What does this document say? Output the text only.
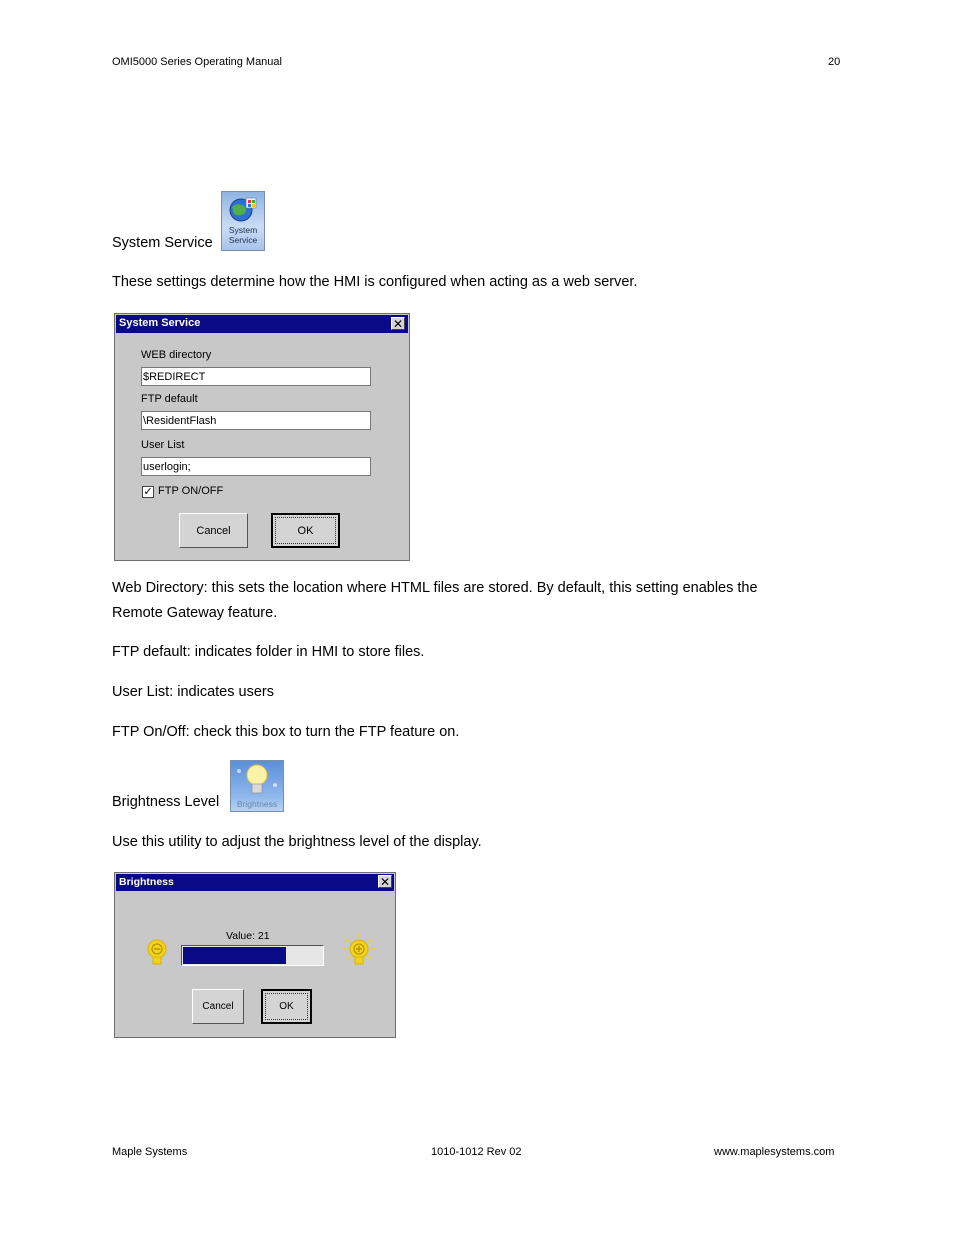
OMI5000 Series Operating Manual	20
System Service
System
Service
These settings determine how the HMI is configured when acting as a web server.
System Service	✕
WEB directory
$REDIRECT
FTP default
\ResidentFlash
User List
userlogin;
✓ FTP ON/OFF
Cancel	OK
Web Directory: this sets the location where HTML files are stored. By default, this setting enables the
Remote Gateway feature.
FTP default: indicates folder in HMI to store files.
User List: indicates users
FTP On/Off: check this box to turn the FTP feature on.
Brightness Level	Brightness
Use this utility to adjust the brightness level of the display.
Brightness	✕
Value: 21
Cancel	OK
Maple Systems	1010-1012 Rev 02	www.maplesystems.com
